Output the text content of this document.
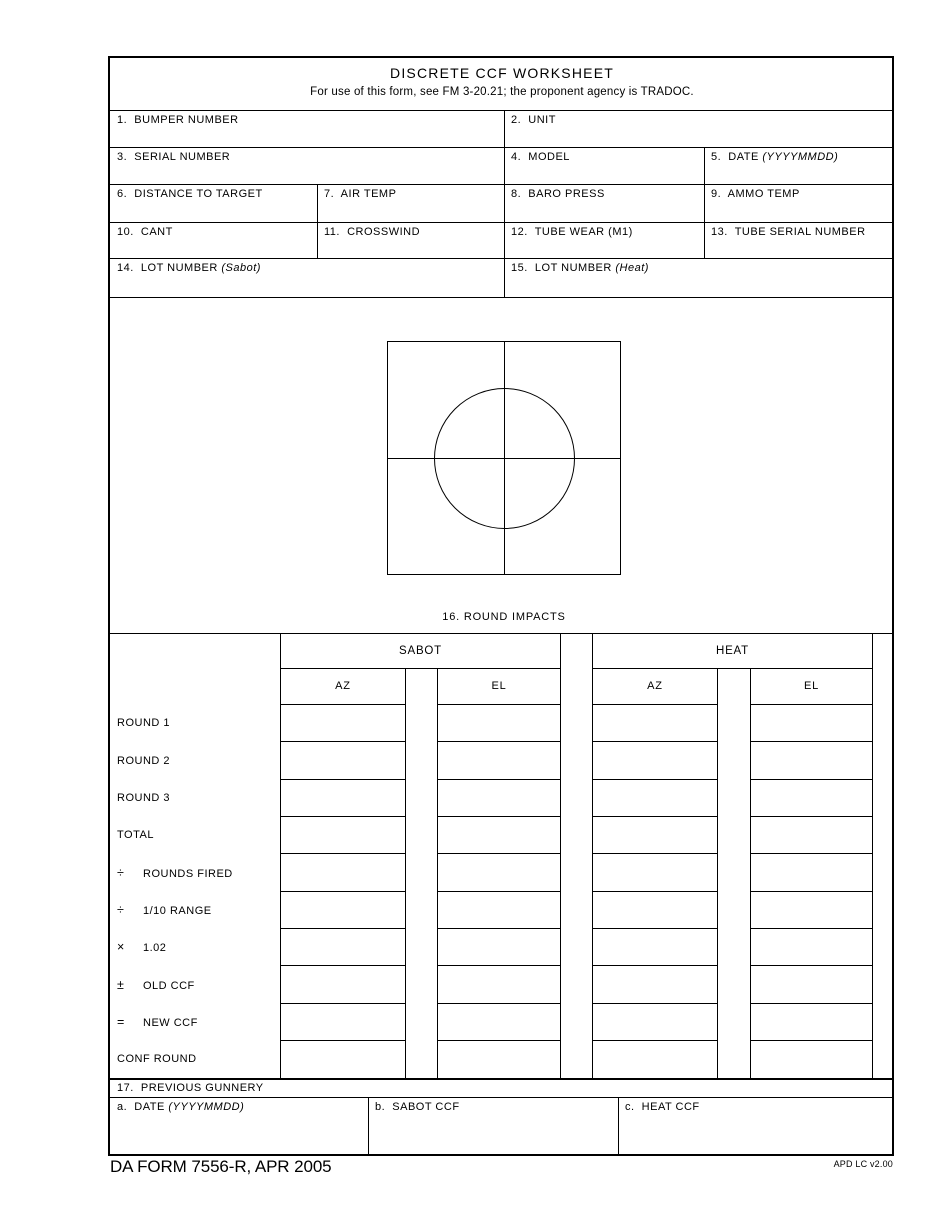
DISCRETE CCF WORKSHEET
For use of this form, see FM 3-20.21; the proponent agency is TRADOC.
1.  BUMPER NUMBER	2.  UNIT
3.  SERIAL NUMBER	4.  MODEL	5.  DATE (YYYYMMDD)
6.  DISTANCE TO TARGET	7.  AIR TEMP	8.  BARO PRESS	9.  AMMO TEMP
10.  CANT	11.  CROSSWIND	12.  TUBE WEAR (M1)	13.  TUBE SERIAL NUMBER
14.  LOT NUMBER (Sabot)	15.  LOT NUMBER (Heat)
16. ROUND IMPACTS
SABOT	HEAT
AZ	EL	AZ	EL
ROUND 1
ROUND 2
ROUND 3
TOTAL
÷ ROUNDS FIRED
÷ 1/10 RANGE
× 1.02
± OLD CCF
= NEW CCF
CONF ROUND
17.  PREVIOUS GUNNERY
a.  DATE (YYYYMMDD)	b.  SABOT CCF	c.  HEAT CCF
DA FORM 7556-R, APR 2005	APD LC v2.00
